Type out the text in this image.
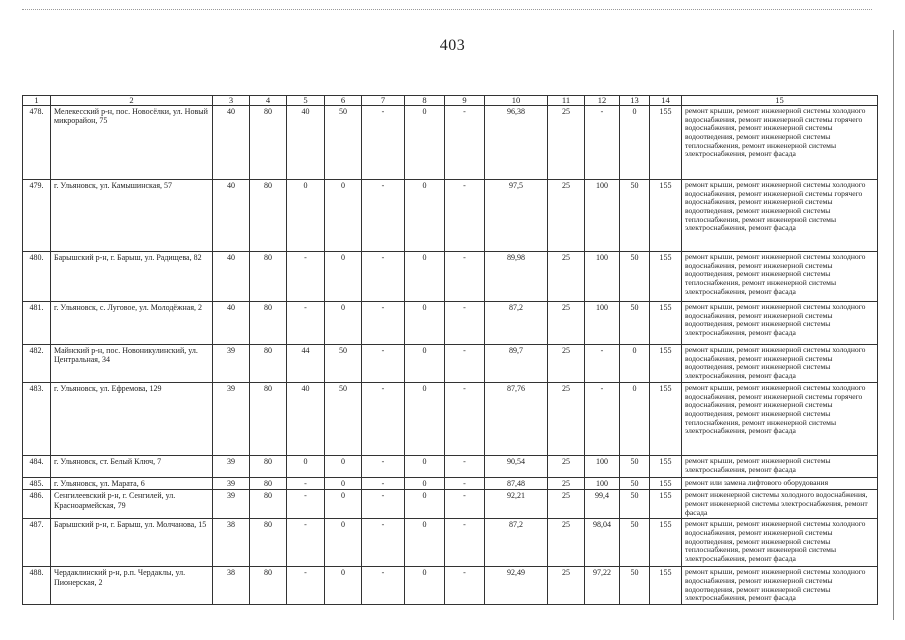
403
1	2	3	4	5	6	7	8	9	10	11	12	13	14	15
478.	Мелекесский р-н, пос. Новосёлки, ул. Новый микрорайон, 75	40	80	40	50	-	0	-	96,38	25	-	0	155	ремонт крыши, ремонт инженерной системы холодного водоснабжения, ремонт инженерной системы горячего водоснабжения, ремонт инженерной системы водоотведения, ремонт инженерной системы теплоснабжения, ремонт инженерной системы электроснабжения, ремонт фасада
479.	г. Ульяновск, ул. Камышинская, 57	40	80	0	0	-	0	-	97,5	25	100	50	155	ремонт крыши, ремонт инженерной системы холодного водоснабжения, ремонт инженерной системы горячего водоснабжения, ремонт инженерной системы водоотведения, ремонт инженерной системы теплоснабжения, ремонт инженерной системы электроснабжения, ремонт фасада
480.	Барышский р-н, г. Барыш, ул. Радищева, 82	40	80	-	0	-	0	-	89,98	25	100	50	155	ремонт крыши, ремонт инженерной системы холодного водоснабжения, ремонт инженерной системы водоотведения, ремонт инженерной системы теплоснабжения, ремонт инженерной системы электроснабжения, ремонт фасада
481.	г. Ульяновск, с. Луговое, ул. Молодёжная, 2	40	80	-	0	-	0	-	87,2	25	100	50	155	ремонт крыши, ремонт инженерной системы холодного водоснабжения, ремонт инженерной системы водоотведения, ремонт инженерной системы электроснабжения, ремонт фасада
482.	Майнский р-н, пос. Новоникулинский, ул. Центральная, 34	39	80	44	50	-	0	-	89,7	25	-	0	155	ремонт крыши, ремонт инженерной системы холодного водоснабжения, ремонт инженерной системы водоотведения, ремонт инженерной системы электроснабжения, ремонт фасада
483.	г. Ульяновск, ул. Ефремова, 129	39	80	40	50	-	0	-	87,76	25	-	0	155	ремонт крыши, ремонт инженерной системы холодного водоснабжения, ремонт инженерной системы горячего водоснабжения, ремонт инженерной системы водоотведения, ремонт инженерной системы теплоснабжения, ремонт инженерной системы электроснабжения, ремонт фасада
484.	г. Ульяновск, ст. Белый Ключ, 7	39	80	0	0	-	0	-	90,54	25	100	50	155	ремонт крыши, ремонт инженерной системы электроснабжения, ремонт фасада
485.	г. Ульяновск, ул. Марата, 6	39	80	-	0	-	0	-	87,48	25	100	50	155	ремонт или замена лифтового оборудования
486.	Сенгилеевский р-н, г. Сенгилей, ул. Красноармейская, 79	39	80	-	0	-	0	-	92,21	25	99,4	50	155	ремонт инженерной системы холодного водоснабжения, ремонт инженерной системы электроснабжения, ремонт фасада
487.	Барышский р-н, г. Барыш, ул. Молчанова, 15	38	80	-	0	-	0	-	87,2	25	98,04	50	155	ремонт крыши, ремонт инженерной системы холодного водоснабжения, ремонт инженерной системы водоотведения, ремонт инженерной системы теплоснабжения, ремонт инженерной системы электроснабжения, ремонт фасада
488.	Чердаклинский р-н, р.п. Чердаклы, ул. Пионерская, 2	38	80	-	0	-	0	-	92,49	25	97,22	50	155	ремонт крыши, ремонт инженерной системы холодного водоснабжения, ремонт инженерной системы водоотведения, ремонт инженерной системы электроснабжения, ремонт фасада
